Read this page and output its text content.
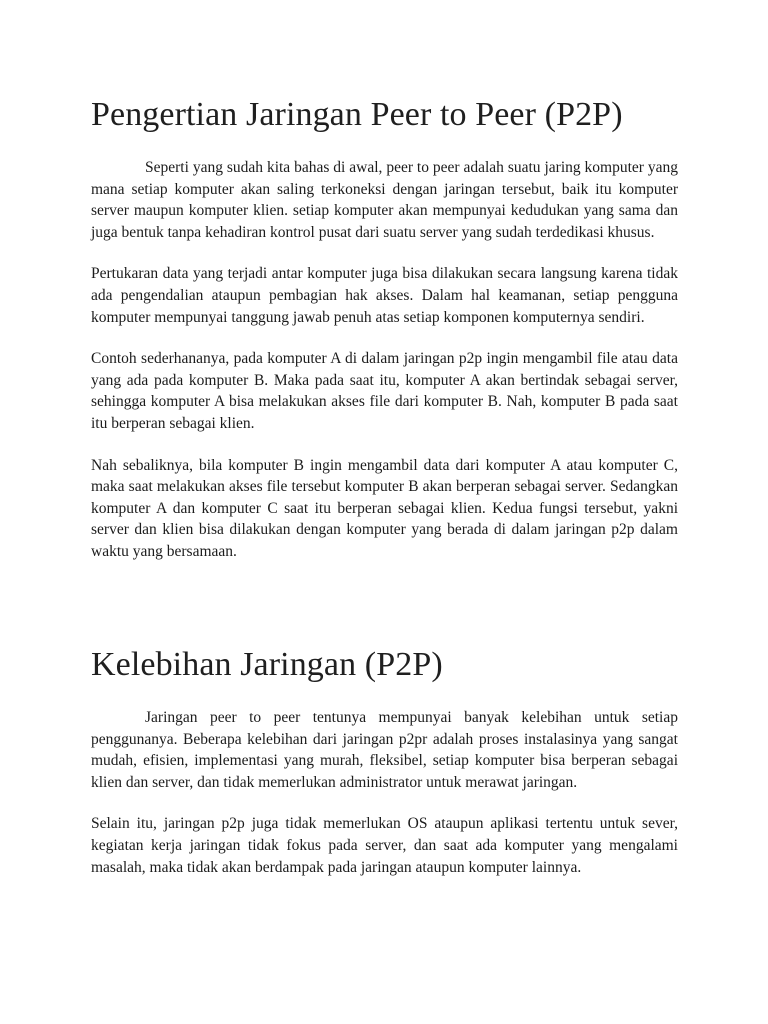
Pengertian Jaringan Peer to Peer (P2P)

Seperti yang sudah kita bahas di awal, peer to peer adalah suatu jaring komputer yang mana setiap komputer akan saling terkoneksi dengan jaringan tersebut, baik itu komputer server maupun komputer klien. setiap komputer akan mempunyai kedudukan yang sama dan juga bentuk tanpa kehadiran kontrol pusat dari suatu server yang sudah terdedikasi khusus.

Pertukaran data yang terjadi antar komputer juga bisa dilakukan secara langsung karena tidak ada pengendalian ataupun pembagian hak akses. Dalam hal keamanan, setiap pengguna komputer mempunyai tanggung jawab penuh atas setiap komponen komputernya sendiri.

Contoh sederhananya, pada komputer A di dalam jaringan p2p ingin mengambil file atau data yang ada pada komputer B. Maka pada saat itu, komputer A akan bertindak sebagai server, sehingga komputer A bisa melakukan akses file dari komputer B. Nah, komputer B pada saat itu berperan sebagai klien.

Nah sebaliknya, bila komputer B ingin mengambil data dari komputer A atau komputer C, maka saat melakukan akses file tersebut komputer B akan berperan sebagai server. Sedangkan komputer A dan komputer C saat itu berperan sebagai klien. Kedua fungsi tersebut, yakni server dan klien bisa dilakukan dengan komputer yang berada di dalam jaringan p2p dalam waktu yang bersamaan.

Kelebihan Jaringan (P2P)

Jaringan peer to peer tentunya mempunyai banyak kelebihan untuk setiap penggunanya. Beberapa kelebihan dari jaringan p2pr adalah proses instalasinya yang sangat mudah, efisien, implementasi yang murah, fleksibel, setiap komputer bisa berperan sebagai klien dan server, dan tidak memerlukan administrator untuk merawat jaringan.

Selain itu, jaringan p2p juga tidak memerlukan OS ataupun aplikasi tertentu untuk sever, kegiatan kerja jaringan tidak fokus pada server, dan saat ada komputer yang mengalami masalah, maka tidak akan berdampak pada jaringan ataupun komputer lainnya.
